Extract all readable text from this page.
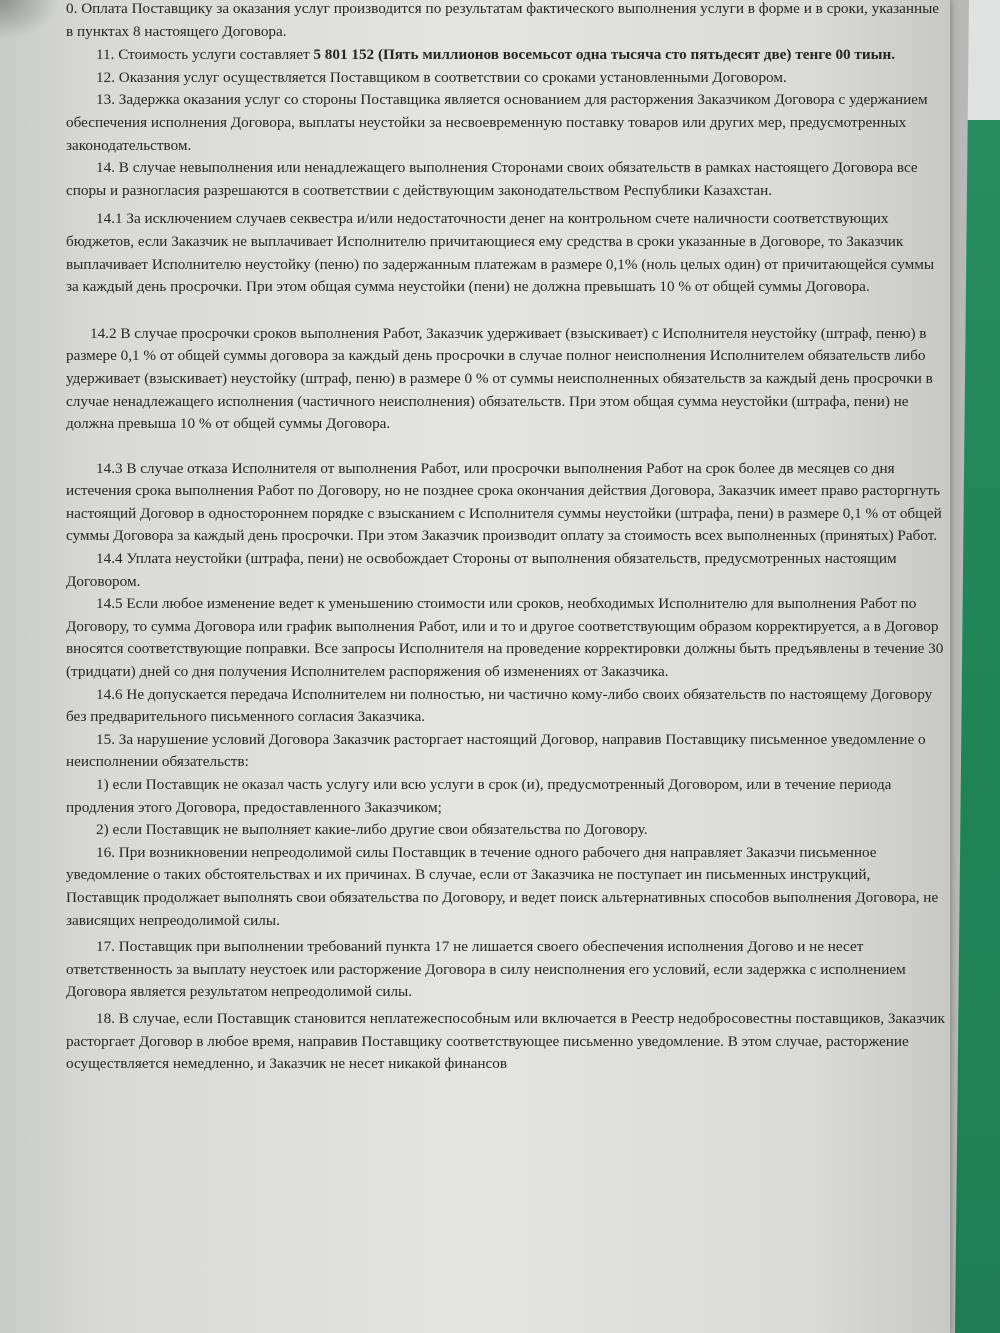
0. Оплата Поставщику за оказания услуг производится по результатам фактического выполнения услуги в форме и в сроки, указанные в пунктах 8 настоящего Договора.

11. Стоимость услуги составляет 5 801 152 (Пять миллионов восемьсот одна тысяча сто пятьдесят две) тенге 00 тиын.

12. Оказания услуг осуществляется Поставщиком в соответствии со сроками установленными Договором.

13. Задержка оказания услуг со стороны Поставщика является основанием для расторжения Заказчиком Договора с удержанием обеспечения исполнения Договора, выплаты неустойки за несвоевременную поставку товаров или других мер, предусмотренных законодательством.

14. В случае невыполнения или ненадлежащего выполнения Сторонами своих обязательств в рамках настоящего Договора все споры и разногласия разрешаются в соответствии с действующим законодательством Республики Казахстан.

14.1 За исключением случаев секвестра и/или недостаточности денег на контрольном счете наличности соответствующих бюджетов, если Заказчик не выплачивает Исполнителю причитающиеся ему средства в сроки указанные в Договоре, то Заказчик выплачивает Исполнителю неустойку (пеню) по задержанным платежам в размере 0,1% (ноль целых один) от причитающейся суммы за каждый день просрочки. При этом общая сумма неустойки (пени) не должна превышать 10 % от общей суммы Договора.

14.2 В случае просрочки сроков выполнения Работ, Заказчик удерживает (взыскивает) с Исполнителя неустойку (штраф, пеню) в размере 0,1 % от общей суммы договора за каждый день просрочки в случае полног неисполнения Исполнителем обязательств либо удерживает (взыскивает) неустойку (штраф, пеню) в размере 0 % от суммы неисполненных обязательств за каждый день просрочки в случае ненадлежащего исполнения (частичного неисполнения) обязательств. При этом общая сумма неустойки (штрафа, пени) не должна превыша 10 % от общей суммы Договора.

14.3 В случае отказа Исполнителя от выполнения Работ, или просрочки выполнения Работ на срок более дв месяцев со дня истечения срока выполнения Работ по Договору, но не позднее срока окончания действия Договора, Заказчик имеет право расторгнуть настоящий Договор в одностороннем порядке с взысканием с Исполнителя суммы неустойки (штрафа, пени) в размере 0,1 % от общей суммы Договора за каждый день просрочки. При этом Заказчик производит оплату за стоимость всех выполненных (принятых) Работ.

14.4 Уплата неустойки (штрафа, пени) не освобождает Стороны от выполнения обязательств, предусмотренных настоящим Договором.

14.5 Если любое изменение ведет к уменьшению стоимости или сроков, необходимых Исполнителю для выполнения Работ по Договору, то сумма Договора или график выполнения Работ, или и то и другое соответствующим образом корректируется, а в Договор вносятся соответствующие поправки. Все запросы Исполнителя на проведение корректировки должны быть предъявлены в течение 30 (тридцати) дней со дня получения Исполнителем распоряжения об изменениях от Заказчика.

14.6 Не допускается передача Исполнителем ни полностью, ни частично кому-либо своих обязательств по настоящему Договору без предварительного письменного согласия Заказчика.

15. За нарушение условий Договора Заказчик расторгает настоящий Договор, направив Поставщику письменное уведомление о неисполнении обязательств:

1) если Поставщик не оказал часть услугу или всю услуги в срок (и), предусмотренный Договором, или в течение периода продления этого Договора, предоставленного Заказчиком;

2) если Поставщик не выполняет какие-либо другие свои обязательства по Договору.

16. При возникновении непреодолимой силы Поставщик в течение одного рабочего дня направляет Заказчи письменное уведомление о таких обстоятельствах и их причинах. В случае, если от Заказчика не поступает ин письменных инструкций, Поставщик продолжает выполнять свои обязательства по Договору, и ведет поиск альтернативных способов выполнения Договора, не зависящих непреодолимой силы.

17. Поставщик при выполнении требований пункта 17 не лишается своего обеспечения исполнения Догово и не несет ответственность за выплату неустоек или расторжение Договора в силу неисполнения его условий, если задержка с исполнением Договора является результатом непреодолимой силы.

18. В случае, если Поставщик становится неплатежеспособным или включается в Реестр недобросовестны поставщиков, Заказчик расторгает Договор в любое время, направив Поставщику соответствующее письменно уведомление. В этом случае, расторжение осуществляется немедленно, и Заказчик не несет никакой финансов
